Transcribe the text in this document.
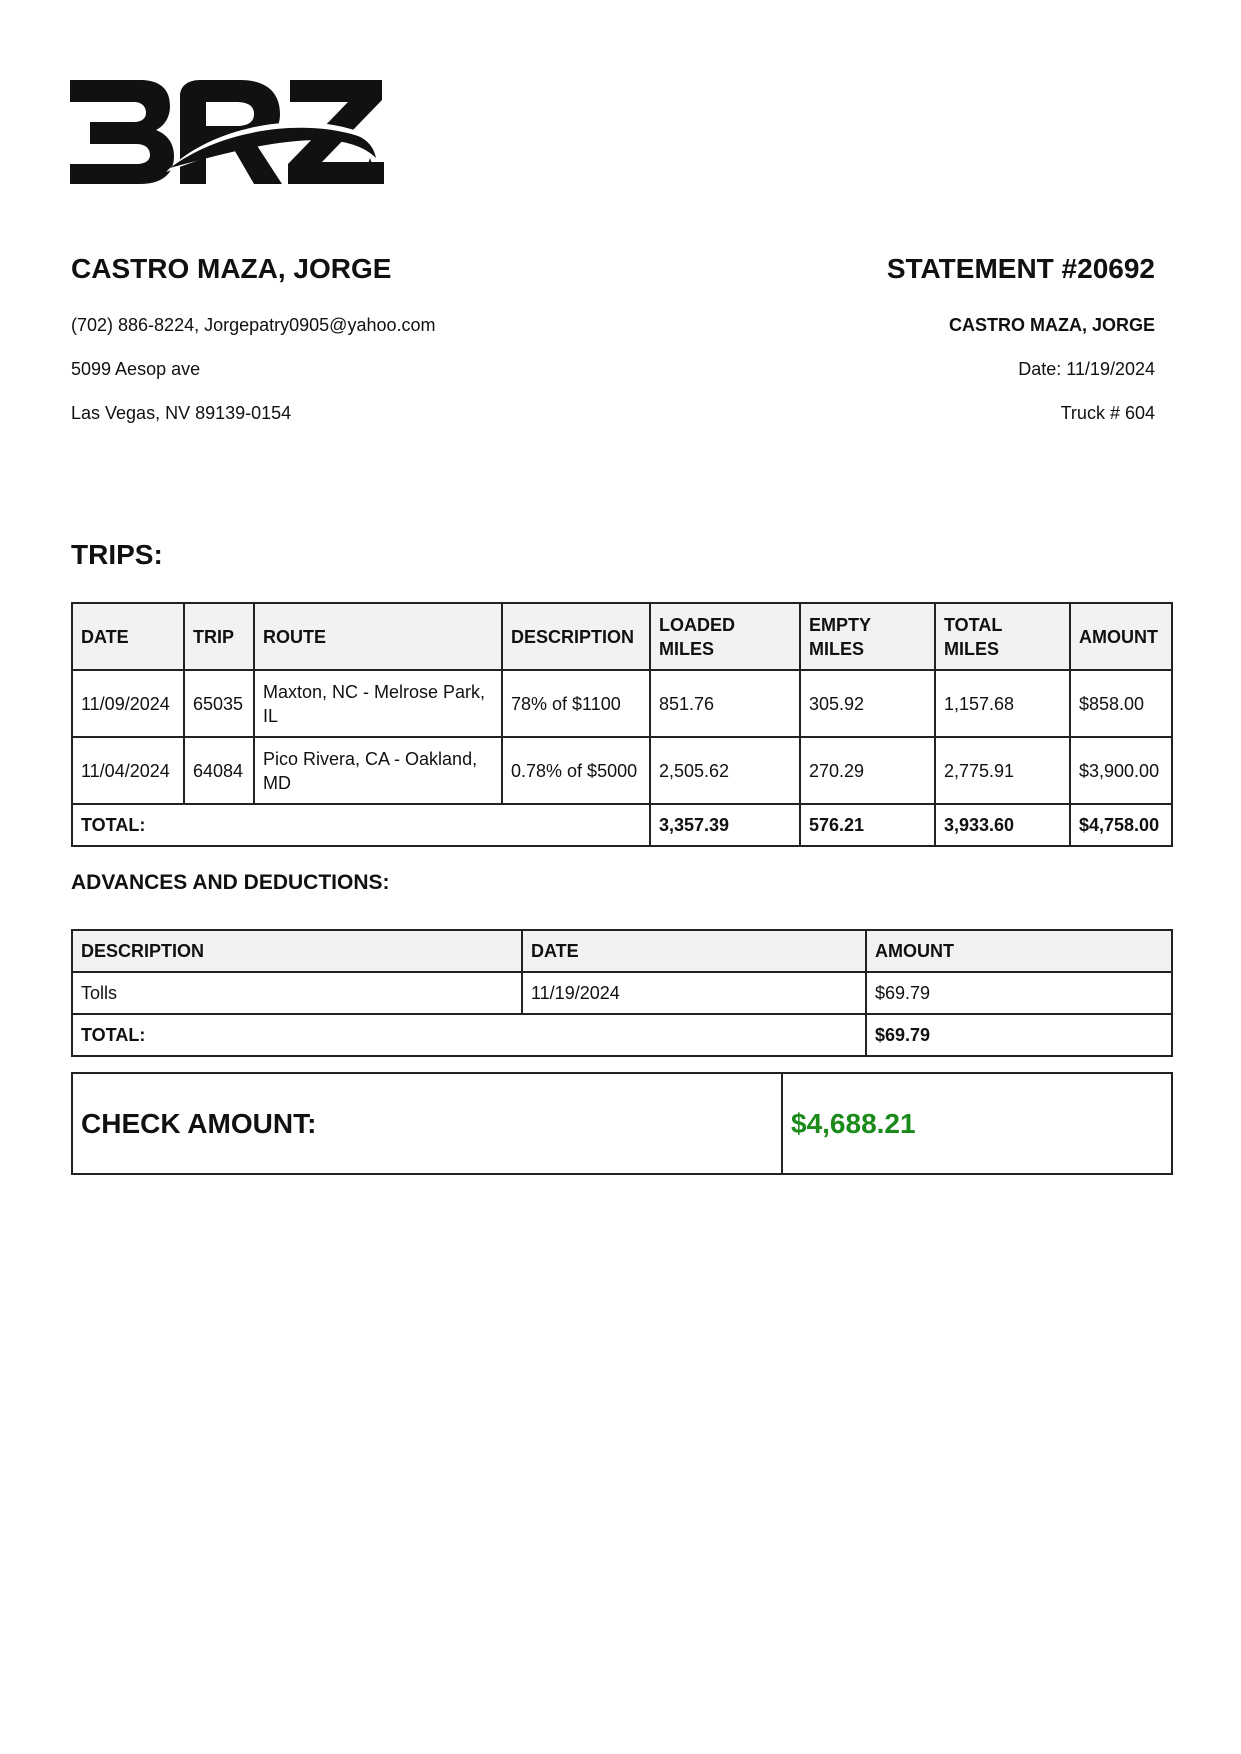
CASTRO MAZA, JORGE

(702) 886-8224, Jorgepatry0905@yahoo.com

5099 Aesop ave

Las Vegas, NV 89139-0154

STATEMENT #20692

CASTRO MAZA, JORGE

Date: 11/19/2024

Truck # 604

TRIPS:

DATE	TRIP	ROUTE	DESCRIPTION	LOADED MILES	EMPTY MILES	TOTAL MILES	AMOUNT
11/09/2024	65035	Maxton, NC - Melrose Park, IL	78% of $1100	851.76	305.92	1,157.68	$858.00
11/04/2024	64084	Pico Rivera, CA - Oakland, MD	0.78% of $5000	2,505.62	270.29	2,775.91	$3,900.00
TOTAL:				3,357.39	576.21	3,933.60	$4,758.00

ADVANCES AND DEDUCTIONS:

DESCRIPTION	DATE	AMOUNT
Tolls	11/19/2024	$69.79
TOTAL:		$69.79
CHECK AMOUNT:	$4,688.21
